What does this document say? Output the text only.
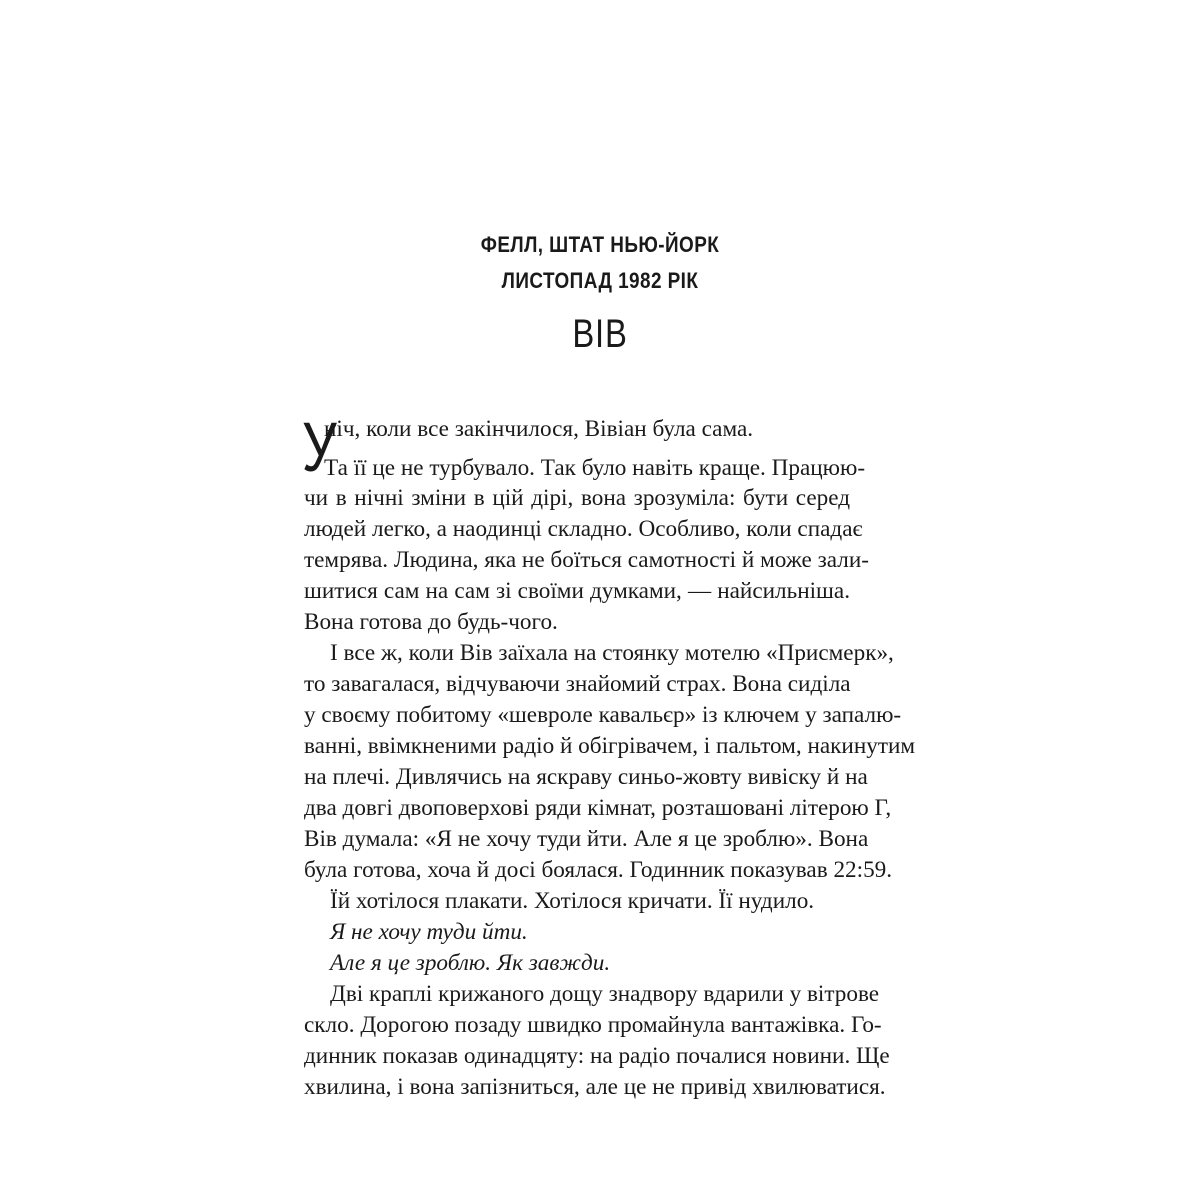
ФЕЛЛ, ШТАТ НЬЮ-ЙОРК
ЛИСТОПАД 1982 РІК
ВІВ
У
ніч, коли все закінчилося, Вівіан була сама.
Та її це не турбувало. Так було навіть краще. Працюю-
чи в нічні зміни в цій дірі, вона зрозуміла: бути серед
людей легко, а наодинці складно. Особливо, коли спадає
темрява. Людина, яка не боїться самотності й може зали-
шитися сам на сам зі своїми думками, — найсильніша.
Вона готова до будь-чого.
І все ж, коли Вів заїхала на стоянку мотелю «Присмерк»,
то завагалася, відчуваючи знайомий страх. Вона сиділа
у своєму побитому «шевроле кавальєр» із ключем у запалю-
ванні, ввімкненими радіо й обігрівачем, і пальтом, накинутим
на плечі. Дивлячись на яскраву синьо-жовту вивіску й на
два довгі двоповерхові ряди кімнат, розташовані літерою Г,
Вів думала: «Я не хочу туди йти. Але я це зроблю». Вона
була готова, хоча й досі боялася. Годинник показував 22:59.
Їй хотілося плакати. Хотілося кричати. Її нудило.
Я не хочу туди йти.
Але я це зроблю. Як завжди.
Дві краплі крижаного дощу знадвору вдарили у вітрове
скло. Дорогою позаду швидко промайнула вантажівка. Го-
динник показав одинадцяту: на радіо почалися новини. Ще
хвилина, і вона запізниться, але це не привід хвилюватися.
